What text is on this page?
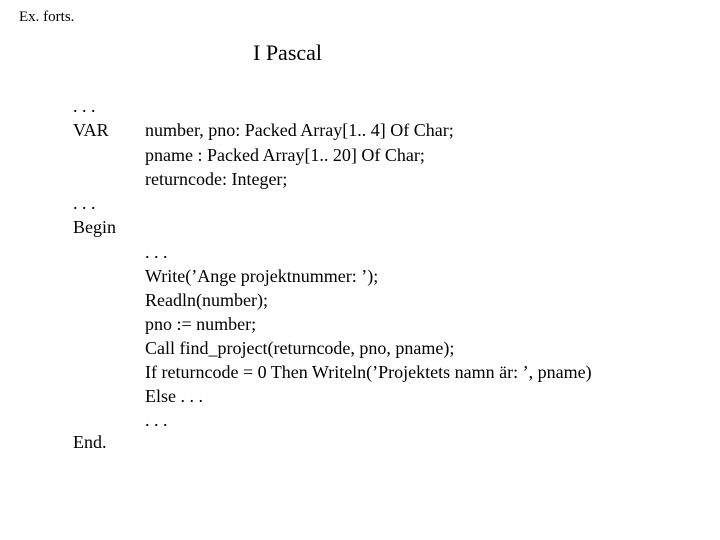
Ex. forts.
I Pascal
. . .
VAR
. . .
Begin
End.
number, pno: Packed Array[1.. 4] Of Char;
pname : Packed Array[1.. 20] Of Char;
returncode: Integer;
. . .
Write(’Ange projektnummer: ’);
Readln(number);
pno := number;
Call find_project(returncode, pno, pname);
If returncode = 0 Then Writeln(’Projektets namn är: ’, pname)
Else . . .
. . .
